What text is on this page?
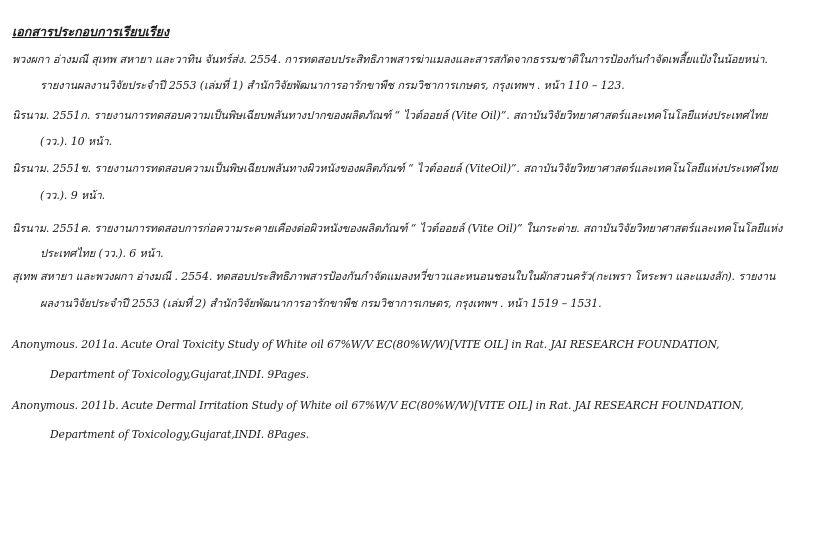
เอกสารประกอบการเรียบเรียง
พวงผกา อ่างมณี สุเทพ สหายา และวาทิน จันทร์ส่ง. 2554. การทดสอบประสิทธิภาพสารฆ่าแมลงและสารสกัดจากธรรมชาติในการป้องกันกำจัดเพลี้ยแป้งในน้อยหน่า.
รายงานผลงานวิจัยประจำปี 2553 (เล่มที่ 1) สำนักวิจัยพัฒนาการอารักขาพืช กรมวิชาการเกษตร, กรุงเทพฯ . หน้า 110 – 123.
นิรนาม. 2551ก. รายงานการทดสอบความเป็นพิษเฉียบพลันทางปากของผลิตภัณฑ์ “ ไวต์ออยล์ (Vite Oil)”. สถาบันวิจัยวิทยาศาสตร์และเทคโนโลยีแห่งประเทศไทย
(วว.). 10 หน้า.
นิรนาม. 2551ข. รายงานการทดสอบความเป็นพิษเฉียบพลันทางผิวหนังของผลิตภัณฑ์ “ ไวต์ออยล์ (ViteOil)”. สถาบันวิจัยวิทยาศาสตร์และเทคโนโลยีแห่งประเทศไทย
(วว.). 9 หน้า.
นิรนาม. 2551ค. รายงานการทดสอบการก่อความระคายเคืองต่อผิวหนังของผลิตภัณฑ์ “ ไวต์ออยล์ (Vite Oil)” ในกระต่าย. สถาบันวิจัยวิทยาศาสตร์และเทคโนโลยีแห่ง
ประเทศไทย (วว.). 6 หน้า.
สุเทพ สหายา และพวงผกา อ่างมณี . 2554. ทดสอบประสิทธิภาพสารป้องกันกำจัดแมลงหวี่ขาวและหนอนชอนใบในผักสวนครัว(กะเพรา โหระพา และแมงลัก). รายงาน
ผลงานวิจัยประจำปี 2553 (เล่มที่ 2) สำนักวิจัยพัฒนาการอารักขาพืช กรมวิชาการเกษตร, กรุงเทพฯ . หน้า 1519 – 1531.
Anonymous. 2011a. Acute Oral Toxicity Study of White oil 67%W/V EC(80%W/W)[VITE OIL] in Rat. JAI RESEARCH FOUNDATION,
Department of Toxicology,Gujarat,INDI. 9Pages.
Anonymous. 2011b. Acute Dermal Irritation Study of White oil 67%W/V EC(80%W/W)[VITE OIL] in Rat. JAI RESEARCH FOUNDATION,
Department of Toxicology,Gujarat,INDI. 8Pages.
